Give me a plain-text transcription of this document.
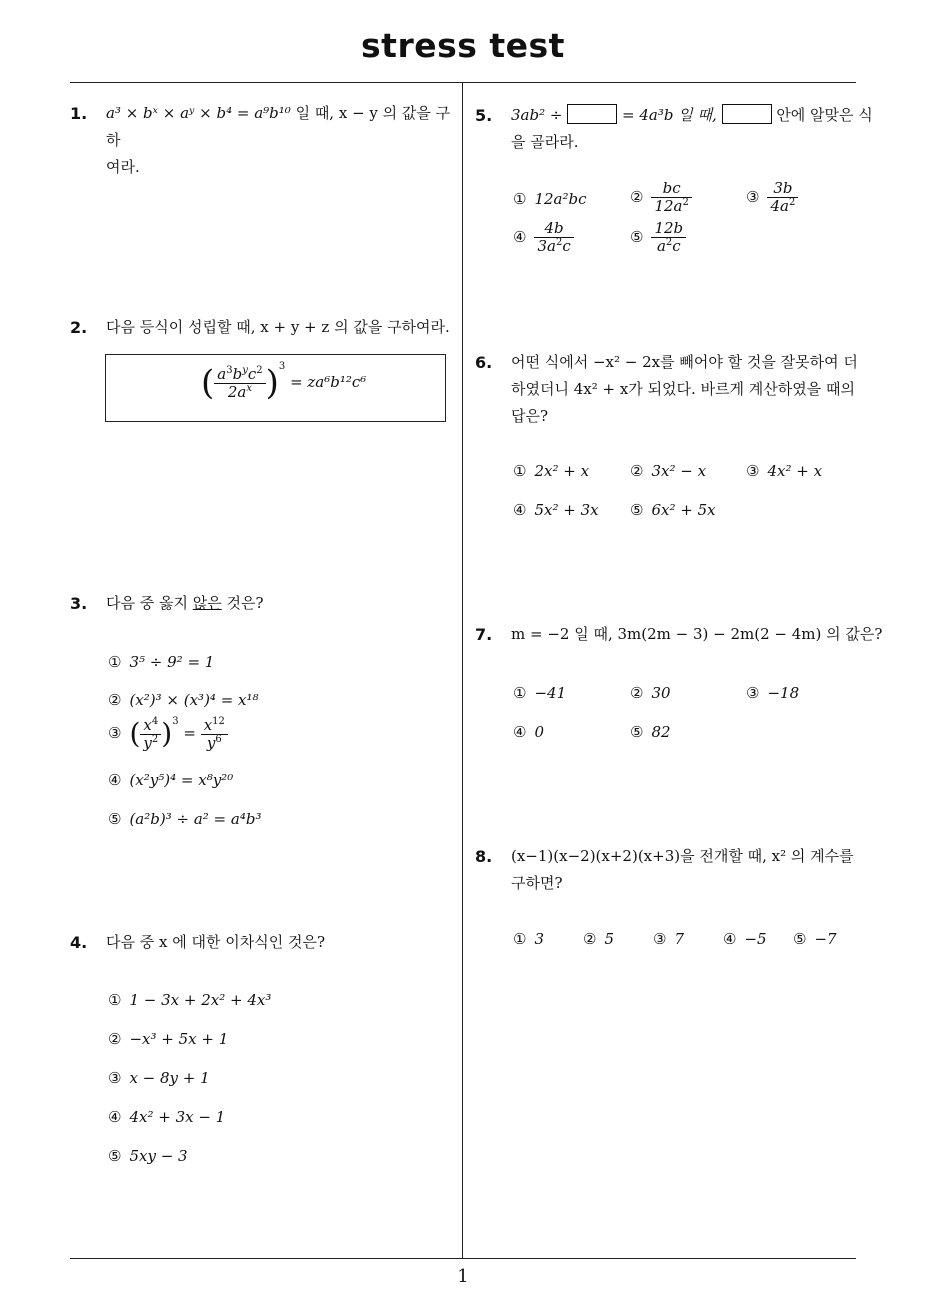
stress test
1
1. a³ × bˣ × aʸ × b⁴ = a⁹b¹⁰ 일 때, x − y 의 값을 구하
여라.
2. 다음 등식이 성립할 때, x + y + z 의 값을 구하여라.
( $\frac{a^3b^yc^2}{2a^x} )^3 = za^6b^{12}c^6$
3. 다음 중 옳지 않은 것은?
① 3⁵ ÷ 9² = 1
② (x²)³ × (x³)⁴ = x¹⁸
③ ( $\frac{x^4}{y^2} )^3 = \frac{x^{12}}{y^6}$
④ (x²y⁵)⁴ = x⁸y²⁰
⑤ (a²b)³ ÷ a² = a⁴b³
4. 다음 중 x 에 대한 이차식인 것은?
① 1 − 3x + 2x² + 4x³
② −x³ + 5x + 1
③ x − 8y + 1
④ 4x² + 3x − 1
⑤ 5xy − 3
5. 3ab² ÷	= 4a³b 일 때,	안에 알맞은 식
을 골라라.
① 12a²bc	② $\frac{bc}{12a^2}$	③ $\frac{3b}{4a^2}$
④ $\frac{4b}{3a^2c}$	⑤ $\frac{12b}{a^2c}$
6. 어떤 식에서 −x² − 2x를 빼어야 할 것을 잘못하여 더
하였더니 4x² + x가 되었다. 바르게 계산하였을 때의
답은?
① 2x² + x	② 3x² − x	③ 4x² + x
④ 5x² + 3x ⑤ 6x² + 5x
7. m = −2 일 때, 3m(2m − 3) − 2m(2 − 4m) 의 값은?
① −41	② 30	③ −18
④ 0	⑤ 82
8. (x−1)(x−2)(x+2)(x+3)을 전개할 때, x² 의 계수를
구하면?
① 3	② 5	③ 7	④ −5 ⑤ −7
